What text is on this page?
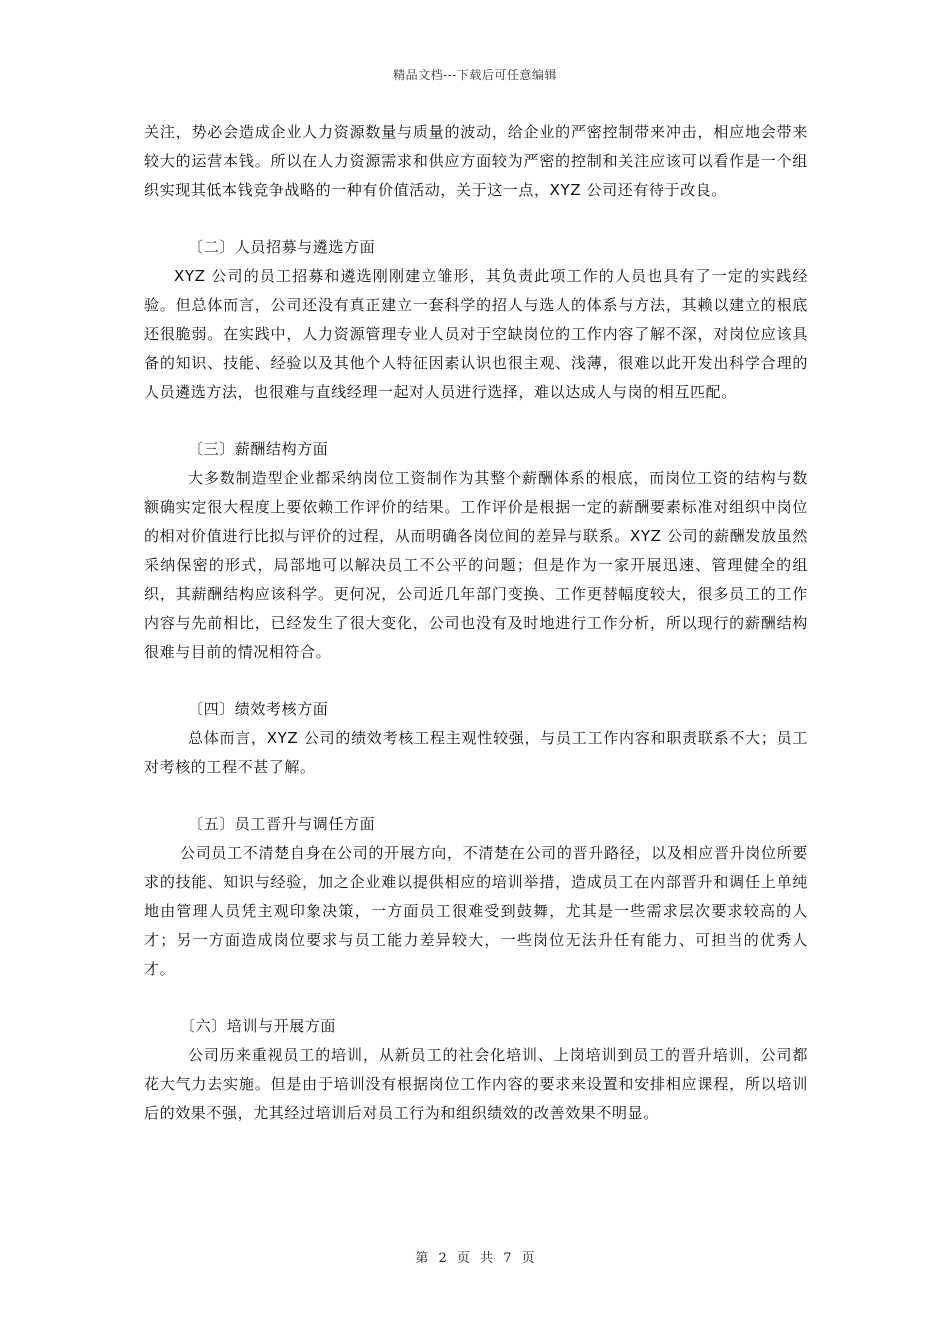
精品文档---下载后可任意编辑

关注，势必会造成企业人力资源数量与质量的波动，给企业的严密控制带来冲击，相应地会带来较大的运营本钱。所以在人力资源需求和供应方面较为严密的控制和关注应该可以看作是一个组织实现其低本钱竞争战略的一种有价值活动，关于这一点，XYZ 公司还有待于改良。

〔二〕人员招募与遴选方面

XYZ 公司的员工招募和遴选刚刚建立雏形，其负责此项工作的人员也具有了一定的实践经验。但总体而言，公司还没有真正建立一套科学的招人与选人的体系与方法，其赖以建立的根底还很脆弱。在实践中，人力资源管理专业人员对于空缺岗位的工作内容了解不深，对岗位应该具备的知识、技能、经验以及其他个人特征因素认识也很主观、浅薄，很难以此开发出科学合理的人员遴选方法，也很难与直线经理一起对人员进行选择，难以达成人与岗的相互匹配。

〔三〕薪酬结构方面

大多数制造型企业都采纳岗位工资制作为其整个薪酬体系的根底，而岗位工资的结构与数额确实定很大程度上要依赖工作评价的结果。工作评价是根据一定的薪酬要素标准对组织中岗位的相对价值进行比拟与评价的过程，从而明确各岗位间的差异与联系。XYZ 公司的薪酬发放虽然采纳保密的形式，局部地可以解决员工不公平的问题；但是作为一家开展迅速、管理健全的组织，其薪酬结构应该科学。更何况，公司近几年部门变换、工作更替幅度较大，很多员工的工作内容与先前相比，已经发生了很大变化，公司也没有及时地进行工作分析，所以现行的薪酬结构很难与目前的情况相符合。

〔四〕绩效考核方面

总体而言，XYZ 公司的绩效考核工程主观性较强，与员工工作内容和职责联系不大；员工对考核的工程不甚了解。

〔五〕员工晋升与调任方面

公司员工不清楚自身在公司的开展方向，不清楚在公司的晋升路径，以及相应晋升岗位所要求的技能、知识与经验，加之企业难以提供相应的培训举措，造成员工在内部晋升和调任上单纯地由管理人员凭主观印象决策，一方面员工很难受到鼓舞，尤其是一些需求层次要求较高的人才；另一方面造成岗位要求与员工能力差异较大，一些岗位无法升任有能力、可担当的优秀人才。

〔六〕培训与开展方面

公司历来重视员工的培训，从新员工的社会化培训、上岗培训到员工的晋升培训，公司都花大气力去实施。但是由于培训没有根据岗位工作内容的要求来设置和安排相应课程，所以培训后的效果不强，尤其经过培训后对员工行为和组织绩效的改善效果不明显。

第 2 页 共 7 页
